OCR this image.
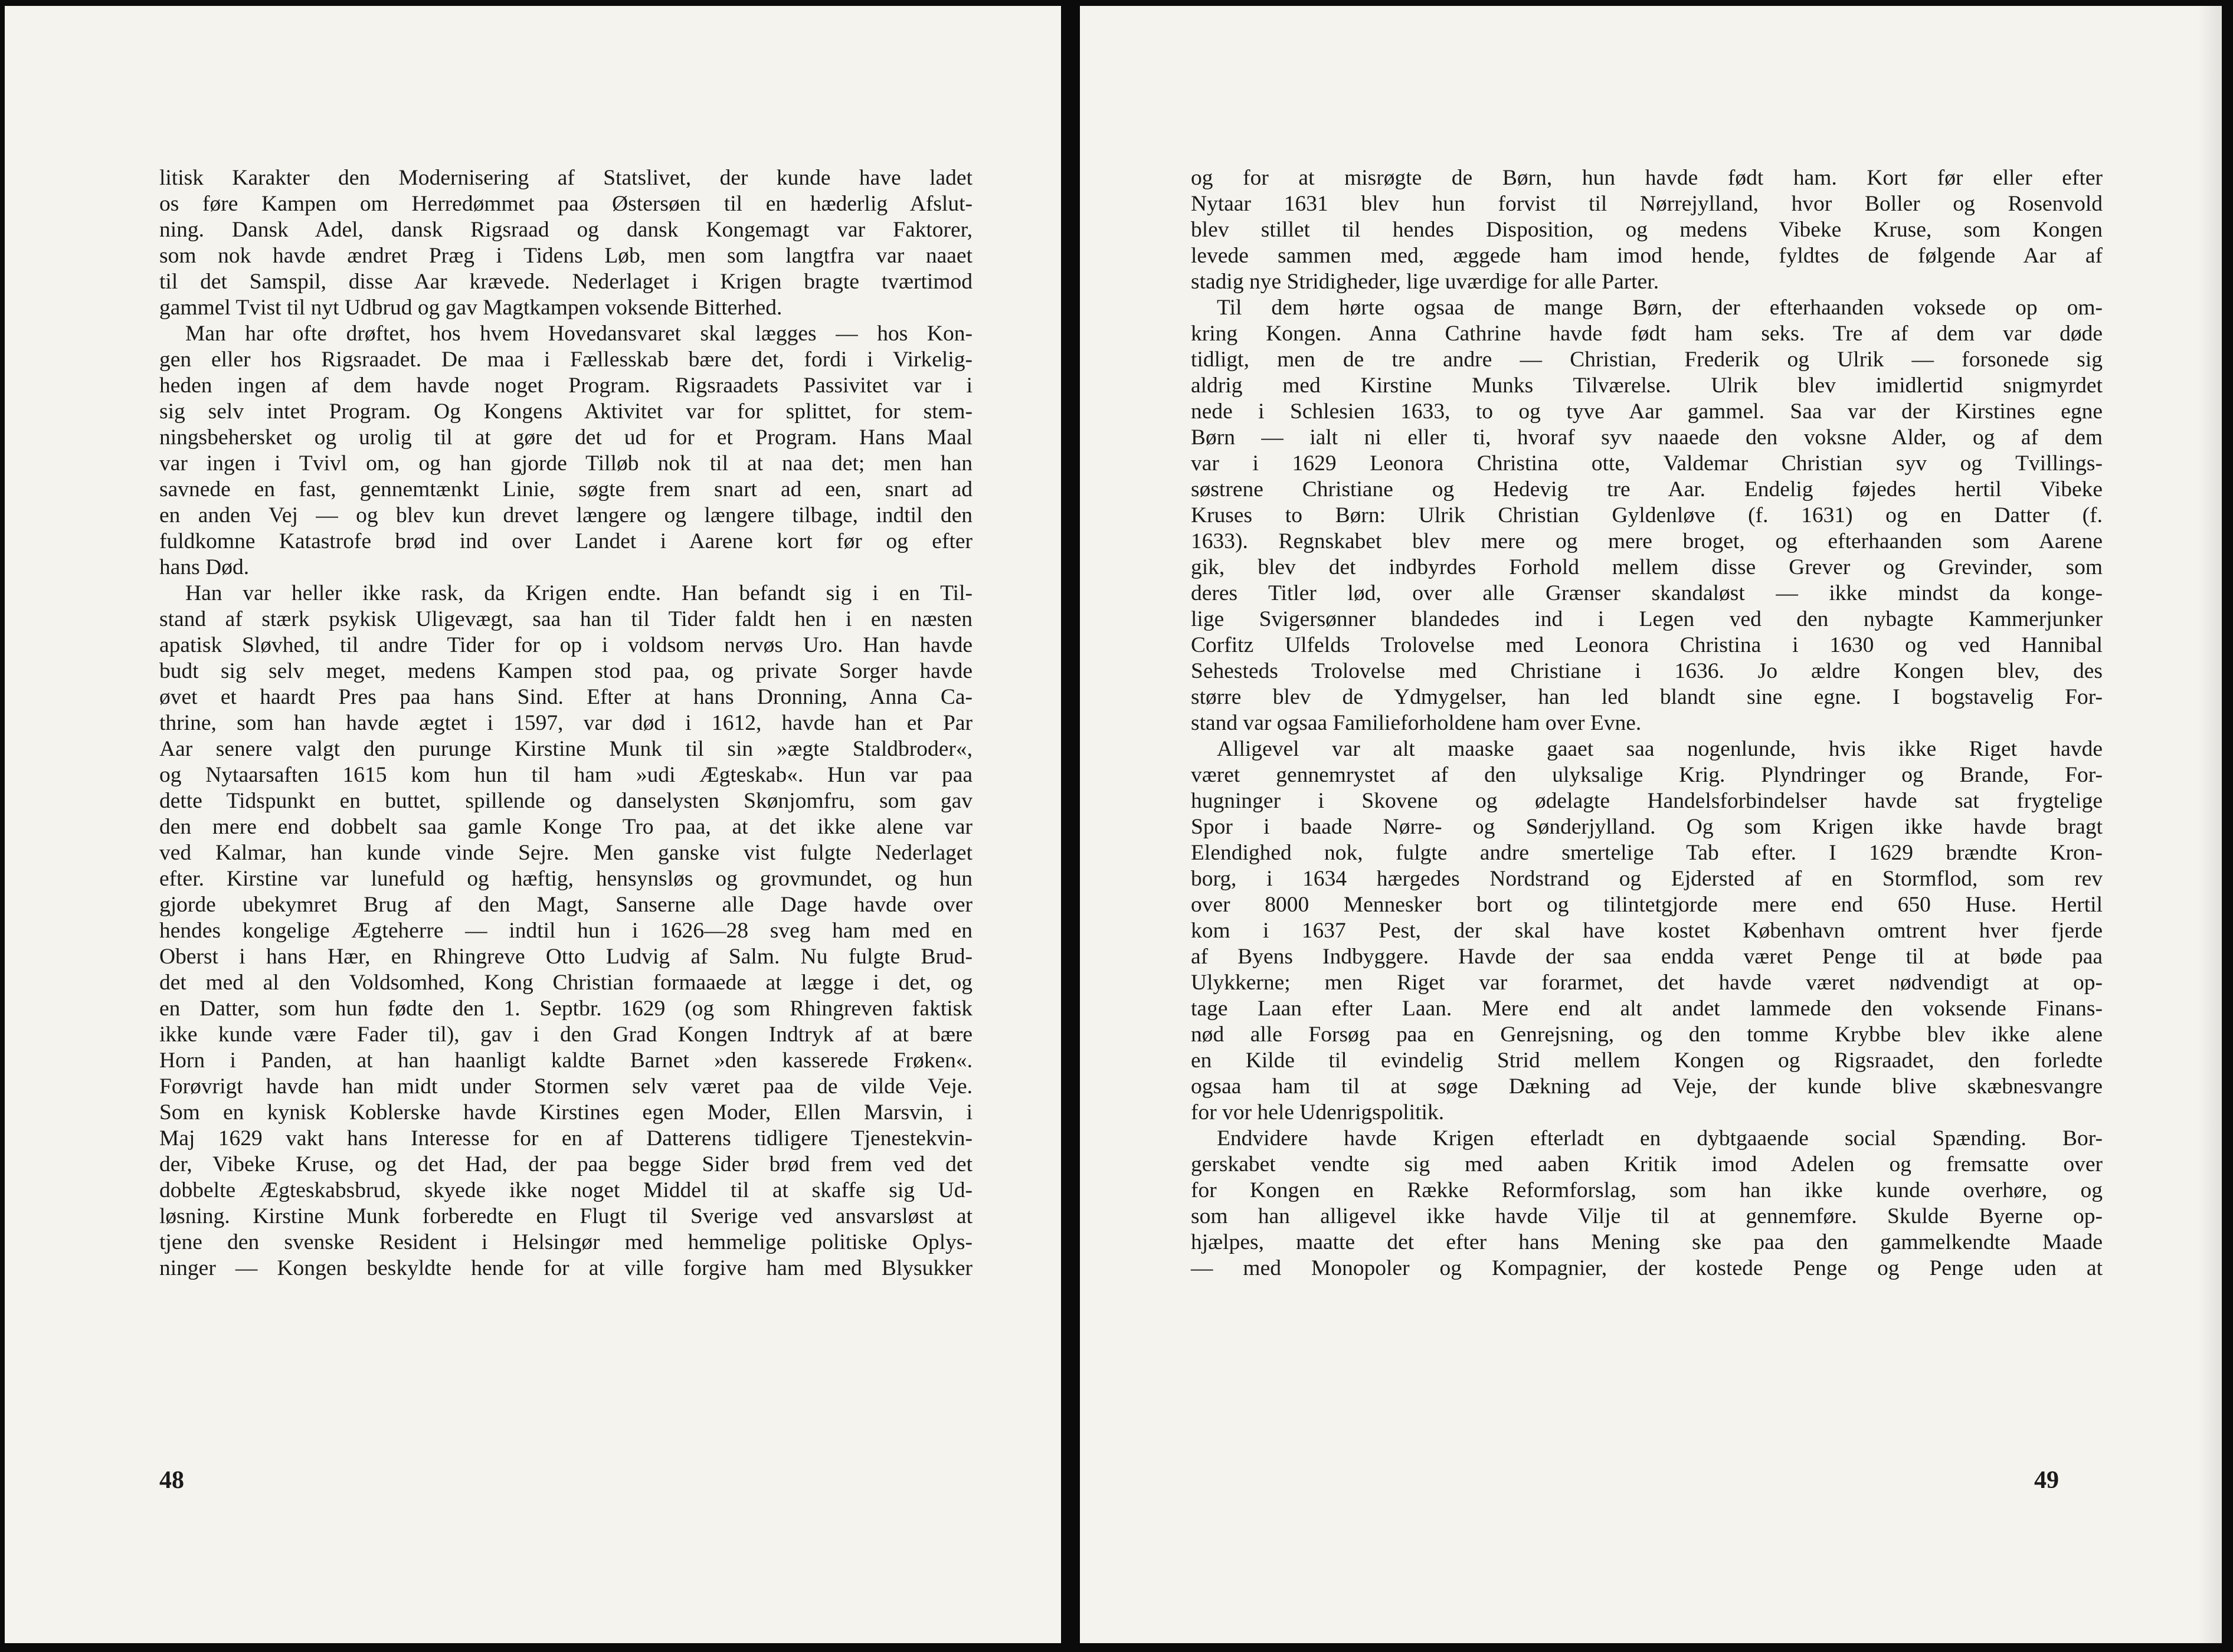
litisk Karakter den Modernisering af Statslivet, der kunde have ladet
os føre Kampen om Herredømmet paa Østersøen til en hæderlig Afslut-
ning. Dansk Adel, dansk Rigsraad og dansk Kongemagt var Faktorer,
som nok havde ændret Præg i Tidens Løb, men som langtfra var naaet
til det Samspil, disse Aar krævede. Nederlaget i Krigen bragte tværtimod
gammel Tvist til nyt Udbrud og gav Magtkampen voksende Bitterhed.
Man har ofte drøftet, hos hvem Hovedansvaret skal lægges — hos Kon-
gen eller hos Rigsraadet. De maa i Fællesskab bære det, fordi i Virkelig-
heden ingen af dem havde noget Program. Rigsraadets Passivitet var i
sig selv intet Program. Og Kongens Aktivitet var for splittet, for stem-
ningsbehersket og urolig til at gøre det ud for et Program. Hans Maal
var ingen i Tvivl om, og han gjorde Tilløb nok til at naa det; men han
savnede en fast, gennemtænkt Linie, søgte frem snart ad een, snart ad
en anden Vej — og blev kun drevet længere og længere tilbage, indtil den
fuldkomne Katastrofe brød ind over Landet i Aarene kort før og efter
hans Død.
Han var heller ikke rask, da Krigen endte. Han befandt sig i en Til-
stand af stærk psykisk Uligevægt, saa han til Tider faldt hen i en næsten
apatisk Sløvhed, til andre Tider for op i voldsom nervøs Uro. Han havde
budt sig selv meget, medens Kampen stod paa, og private Sorger havde
øvet et haardt Pres paa hans Sind. Efter at hans Dronning, Anna Ca-
thrine, som han havde ægtet i 1597, var død i 1612, havde han et Par
Aar senere valgt den purunge Kirstine Munk til sin »ægte Staldbroder«,
og Nytaarsaften 1615 kom hun til ham »udi Ægteskab«. Hun var paa
dette Tidspunkt en buttet, spillende og danselysten Skønjomfru, som gav
den mere end dobbelt saa gamle Konge Tro paa, at det ikke alene var
ved Kalmar, han kunde vinde Sejre. Men ganske vist fulgte Nederlaget
efter. Kirstine var lunefuld og hæftig, hensynsløs og grovmundet, og hun
gjorde ubekymret Brug af den Magt, Sanserne alle Dage havde over
hendes kongelige Ægteherre — indtil hun i 1626—28 sveg ham med en
Oberst i hans Hær, en Rhingreve Otto Ludvig af Salm. Nu fulgte Brud-
det med al den Voldsomhed, Kong Christian formaaede at lægge i det, og
en Datter, som hun fødte den 1. Septbr. 1629 (og som Rhingreven faktisk
ikke kunde være Fader til), gav i den Grad Kongen Indtryk af at bære
Horn i Panden, at han haanligt kaldte Barnet »den kasserede Frøken«.
Forøvrigt havde han midt under Stormen selv været paa de vilde Veje.
Som en kynisk Koblerske havde Kirstines egen Moder, Ellen Marsvin, i
Maj 1629 vakt hans Interesse for en af Datterens tidligere Tjenestekvin-
der, Vibeke Kruse, og det Had, der paa begge Sider brød frem ved det
dobbelte Ægteskabsbrud, skyede ikke noget Middel til at skaffe sig Ud-
løsning. Kirstine Munk forberedte en Flugt til Sverige ved ansvarsløst at
tjene den svenske Resident i Helsingør med hemmelige politiske Oplys-
ninger — Kongen beskyldte hende for at ville forgive ham med Blysukker
48
og for at misrøgte de Børn, hun havde født ham. Kort før eller efter
Nytaar 1631 blev hun forvist til Nørrejylland, hvor Boller og Rosenvold
blev stillet til hendes Disposition, og medens Vibeke Kruse, som Kongen
levede sammen med, æggede ham imod hende, fyldtes de følgende Aar af
stadig nye Stridigheder, lige uværdige for alle Parter.
Til dem hørte ogsaa de mange Børn, der efterhaanden voksede op om-
kring Kongen. Anna Cathrine havde født ham seks. Tre af dem var døde
tidligt, men de tre andre — Christian, Frederik og Ulrik — forsonede sig
aldrig med Kirstine Munks Tilværelse. Ulrik blev imidlertid snigmyrdet
nede i Schlesien 1633, to og tyve Aar gammel. Saa var der Kirstines egne
Børn — ialt ni eller ti, hvoraf syv naaede den voksne Alder, og af dem
var i 1629 Leonora Christina otte, Valdemar Christian syv og Tvillings-
søstrene Christiane og Hedevig tre Aar. Endelig føjedes hertil Vibeke
Kruses to Børn: Ulrik Christian Gyldenløve (f. 1631) og en Datter (f.
1633). Regnskabet blev mere og mere broget, og efterhaanden som Aarene
gik, blev det indbyrdes Forhold mellem disse Grever og Grevinder, som
deres Titler lød, over alle Grænser skandaløst — ikke mindst da konge-
lige Svigersønner blandedes ind i Legen ved den nybagte Kammerjunker
Corfitz Ulfelds Trolovelse med Leonora Christina i 1630 og ved Hannibal
Sehesteds Trolovelse med Christiane i 1636. Jo ældre Kongen blev, des
større blev de Ydmygelser, han led blandt sine egne. I bogstavelig For-
stand var ogsaa Familieforholdene ham over Evne.
Alligevel var alt maaske gaaet saa nogenlunde, hvis ikke Riget havde
været gennemrystet af den ulyksalige Krig. Plyndringer og Brande, For-
hugninger i Skovene og ødelagte Handelsforbindelser havde sat frygtelige
Spor i baade Nørre- og Sønderjylland. Og som Krigen ikke havde bragt
Elendighed nok, fulgte andre smertelige Tab efter. I 1629 brændte Kron-
borg, i 1634 hærgedes Nordstrand og Ejdersted af en Stormflod, som rev
over 8000 Mennesker bort og tilintetgjorde mere end 650 Huse. Hertil
kom i 1637 Pest, der skal have kostet København omtrent hver fjerde
af Byens Indbyggere. Havde der saa endda været Penge til at bøde paa
Ulykkerne; men Riget var forarmet, det havde været nødvendigt at op-
tage Laan efter Laan. Mere end alt andet lammede den voksende Finans-
nød alle Forsøg paa en Genrejsning, og den tomme Krybbe blev ikke alene
en Kilde til evindelig Strid mellem Kongen og Rigsraadet, den forledte
ogsaa ham til at søge Dækning ad Veje, der kunde blive skæbnesvangre
for vor hele Udenrigspolitik.
Endvidere havde Krigen efterladt en dybtgaaende social Spænding. Bor-
gerskabet vendte sig med aaben Kritik imod Adelen og fremsatte over
for Kongen en Række Reformforslag, som han ikke kunde overhøre, og
som han alligevel ikke havde Vilje til at gennemføre. Skulde Byerne op-
hjælpes, maatte det efter hans Mening ske paa den gammelkendte Maade
— med Monopoler og Kompagnier, der kostede Penge og Penge uden at
49
